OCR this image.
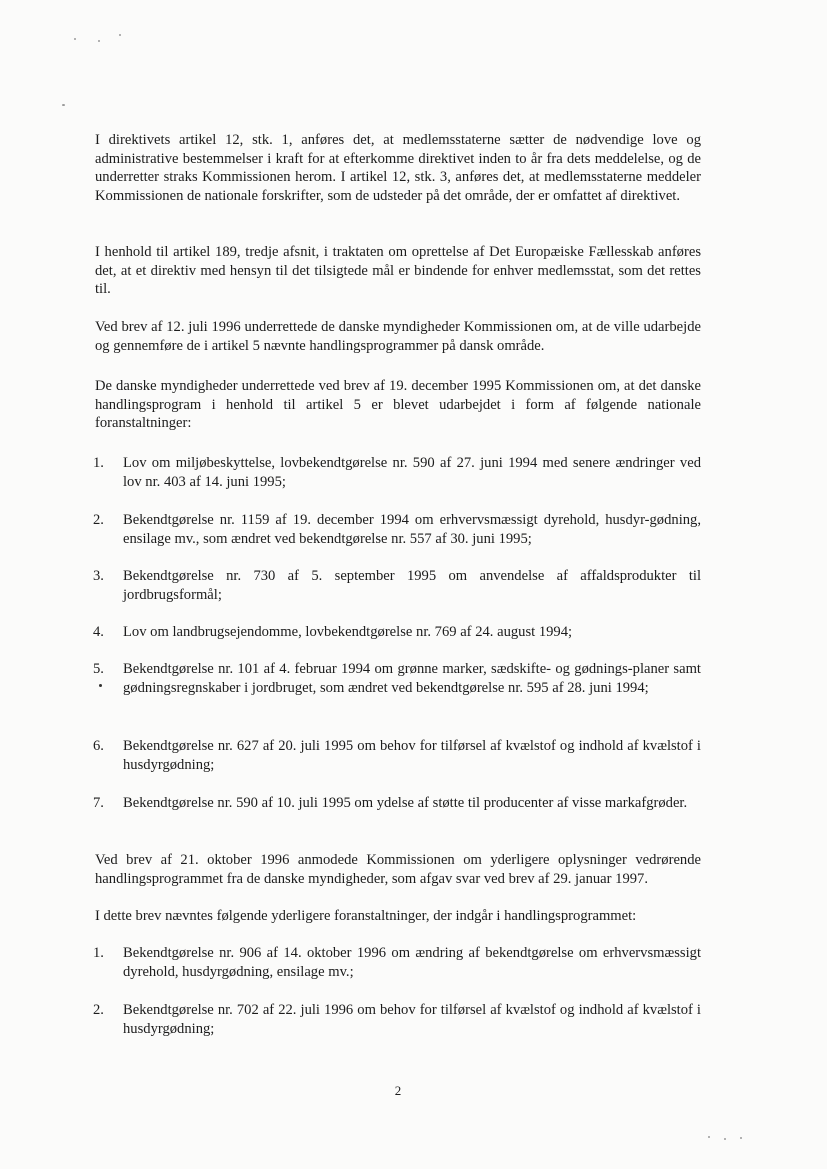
I direktivets artikel 12, stk. 1, anføres det, at medlemsstaterne sætter de nødvendige love og administrative bestemmelser i kraft for at efterkomme direktivet inden to år fra dets meddelelse, og de underretter straks Kommissionen herom. I artikel 12, stk. 3, anføres det, at medlemsstaterne meddeler Kommissionen de nationale forskrifter, som de udsteder på det område, der er omfattet af direktivet.
I henhold til artikel 189, tredje afsnit, i traktaten om oprettelse af Det Europæiske Fællesskab anføres det, at et direktiv med hensyn til det tilsigtede mål er bindende for enhver medlemsstat, som det rettes til.
Ved brev af 12. juli 1996 underrettede de danske myndigheder Kommissionen om, at de ville udarbejde og gennemføre de i artikel 5 nævnte handlingsprogrammer på dansk område.
De danske myndigheder underrettede ved brev af 19. december 1995 Kommissionen om, at det danske handlingsprogram i henhold til artikel 5 er blevet udarbejdet i form af følgende nationale foranstaltninger:
1.	Lov om miljøbeskyttelse, lovbekendtgørelse nr. 590 af 27. juni 1994 med senere ændringer ved lov nr. 403 af 14. juni 1995;
2.	Bekendtgørelse nr. 1159 af 19. december 1994 om erhvervsmæssigt dyrehold, husdyr-gødning, ensilage mv., som ændret ved bekendtgørelse nr. 557 af 30. juni 1995;
3.	Bekendtgørelse nr. 730 af 5. september 1995 om anvendelse af affaldsprodukter til jordbrugsformål;
4.	Lov om landbrugsejendomme, lovbekendtgørelse nr. 769 af 24. august 1994;
5.	Bekendtgørelse nr. 101 af 4. februar 1994 om grønne marker, sædskifte- og gødnings-planer samt gødningsregnskaber i jordbruget, som ændret ved bekendtgørelse nr. 595 af 28. juni 1994;
6.	Bekendtgørelse nr. 627 af 20. juli 1995 om behov for tilførsel af kvælstof og indhold af kvælstof i husdyrgødning;
7.	Bekendtgørelse nr. 590 af 10. juli 1995 om ydelse af støtte til producenter af visse markafgrøder.
Ved brev af 21. oktober 1996 anmodede Kommissionen om yderligere oplysninger vedrørende handlingsprogrammet fra de danske myndigheder, som afgav svar ved brev af 29. januar 1997.
I dette brev nævntes følgende yderligere foranstaltninger, der indgår i handlingsprogrammet:
1.	Bekendtgørelse nr. 906 af 14. oktober 1996 om ændring af bekendtgørelse om erhvervsmæssigt dyrehold, husdyrgødning, ensilage mv.;
2.	Bekendtgørelse nr. 702 af 22. juli 1996 om behov for tilførsel af kvælstof og indhold af kvælstof i husdyrgødning;
2
